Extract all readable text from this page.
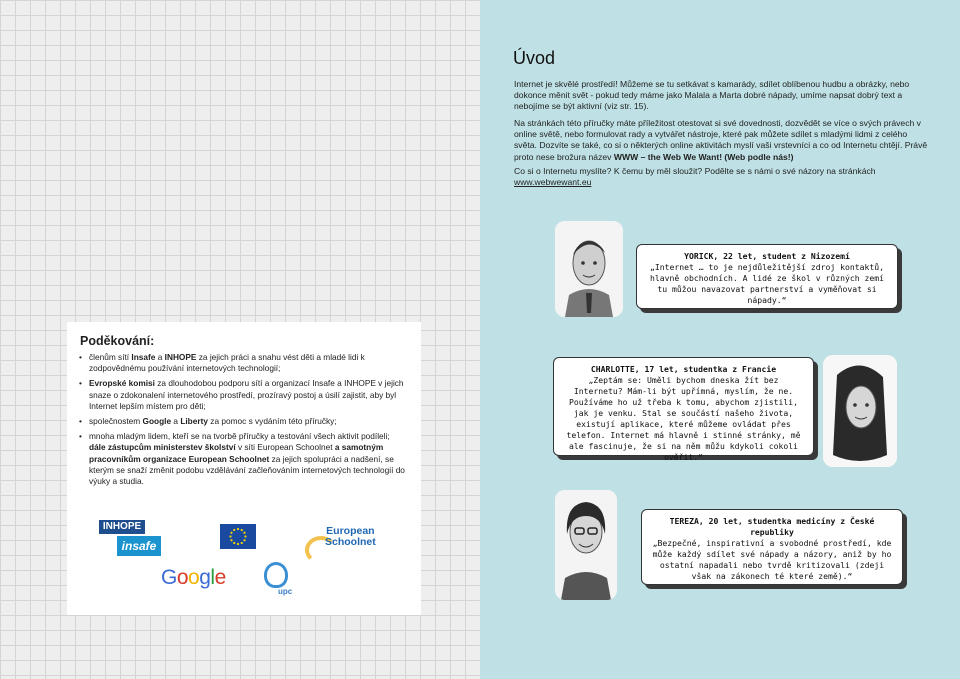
Poděkování:
• členům sítí Insafe a INHOPE za jejich práci a snahu vést děti a mladé lidi k zodpovědnému používání internetových technologií;
• Evropské komisi za dlouhodobou podporu sítí a organizací Insafe a INHOPE v jejich snaze o zdokonalení internetového prostředí, prozíravý postoj a úsilí zajistit, aby byl Internet lepším místem pro děti;
• společnostem Google a Liberty za pomoc s vydáním této příručky;
• mnoha mladým lidem, kteří se na tvorbě příručky a testování všech aktivit podíleli; dále zástupcům ministerstev školství v síti European Schoolnet a samotným pracovníkům organizace European Schoolnet za jejich spolupráci a nadšení, se kterým se snaží změnit podobu vzdělávání začleňováním internetových technologií do výuky a studia.
INHOPE
insafe
European
Schoolnet
Google
upc
Úvod

Internet je skvělé prostředí! Můžeme se tu setkávat s kamarády, sdílet oblíbenou hudbu a obrázky, nebo dokonce měnit svět - pokud tedy máme jako Malala a Marta dobré nápady, umíme napsat dobrý text a nebojíme se být aktivní (viz str. 15).

Na stránkách této příručky máte příležitost otestovat si své dovednosti, dozvědět se více o svých právech v online světě, nebo formulovat rady a vytvářet nástroje, které pak můžete sdílet s mladými lidmi z celého světa. Dozvíte se také, co si o některých online aktivitách myslí vaši vrstevníci a co od Internetu chtějí. Právě proto nese brožura název WWW – the Web We Want! (Web podle nás!)

Co si o Internetu myslíte? K čemu by měl sloužit? Podělte se s námi o své názory na stránkách www.webwewant.eu

YORICK, 22 let, student z Nizozemí
„Internet … to je nejdůležitější zdroj kontaktů, hlavně obchodních. A lidé ze škol v různých zemí tu můžou navazovat partnerství a vyměňovat si nápady.“
CHARLOTTE, 17 let, studentka z Francie
„Zeptám se: Uměli bychom dneska žít bez Internetu? Mám-li být upřímná, myslím, že ne. Používáme ho už třeba k tomu, abychom zjistili, jak je venku. Stal se součástí našeho života, existují aplikace, které můžeme ovládat přes telefon. Internet má hlavně i stinné stránky, mě ale fascinuje, že si na něm můžu kdykoli cokoli ověřit.“
TEREZA, 20 let, studentka medicíny z České republiky
„Bezpečné, inspirativní a svobodné prostředí, kde může každý sdílet své nápady a názory, aniž by ho ostatní napadali nebo tvrdě kritizovali (zdeji však na zákonech té které země).“
